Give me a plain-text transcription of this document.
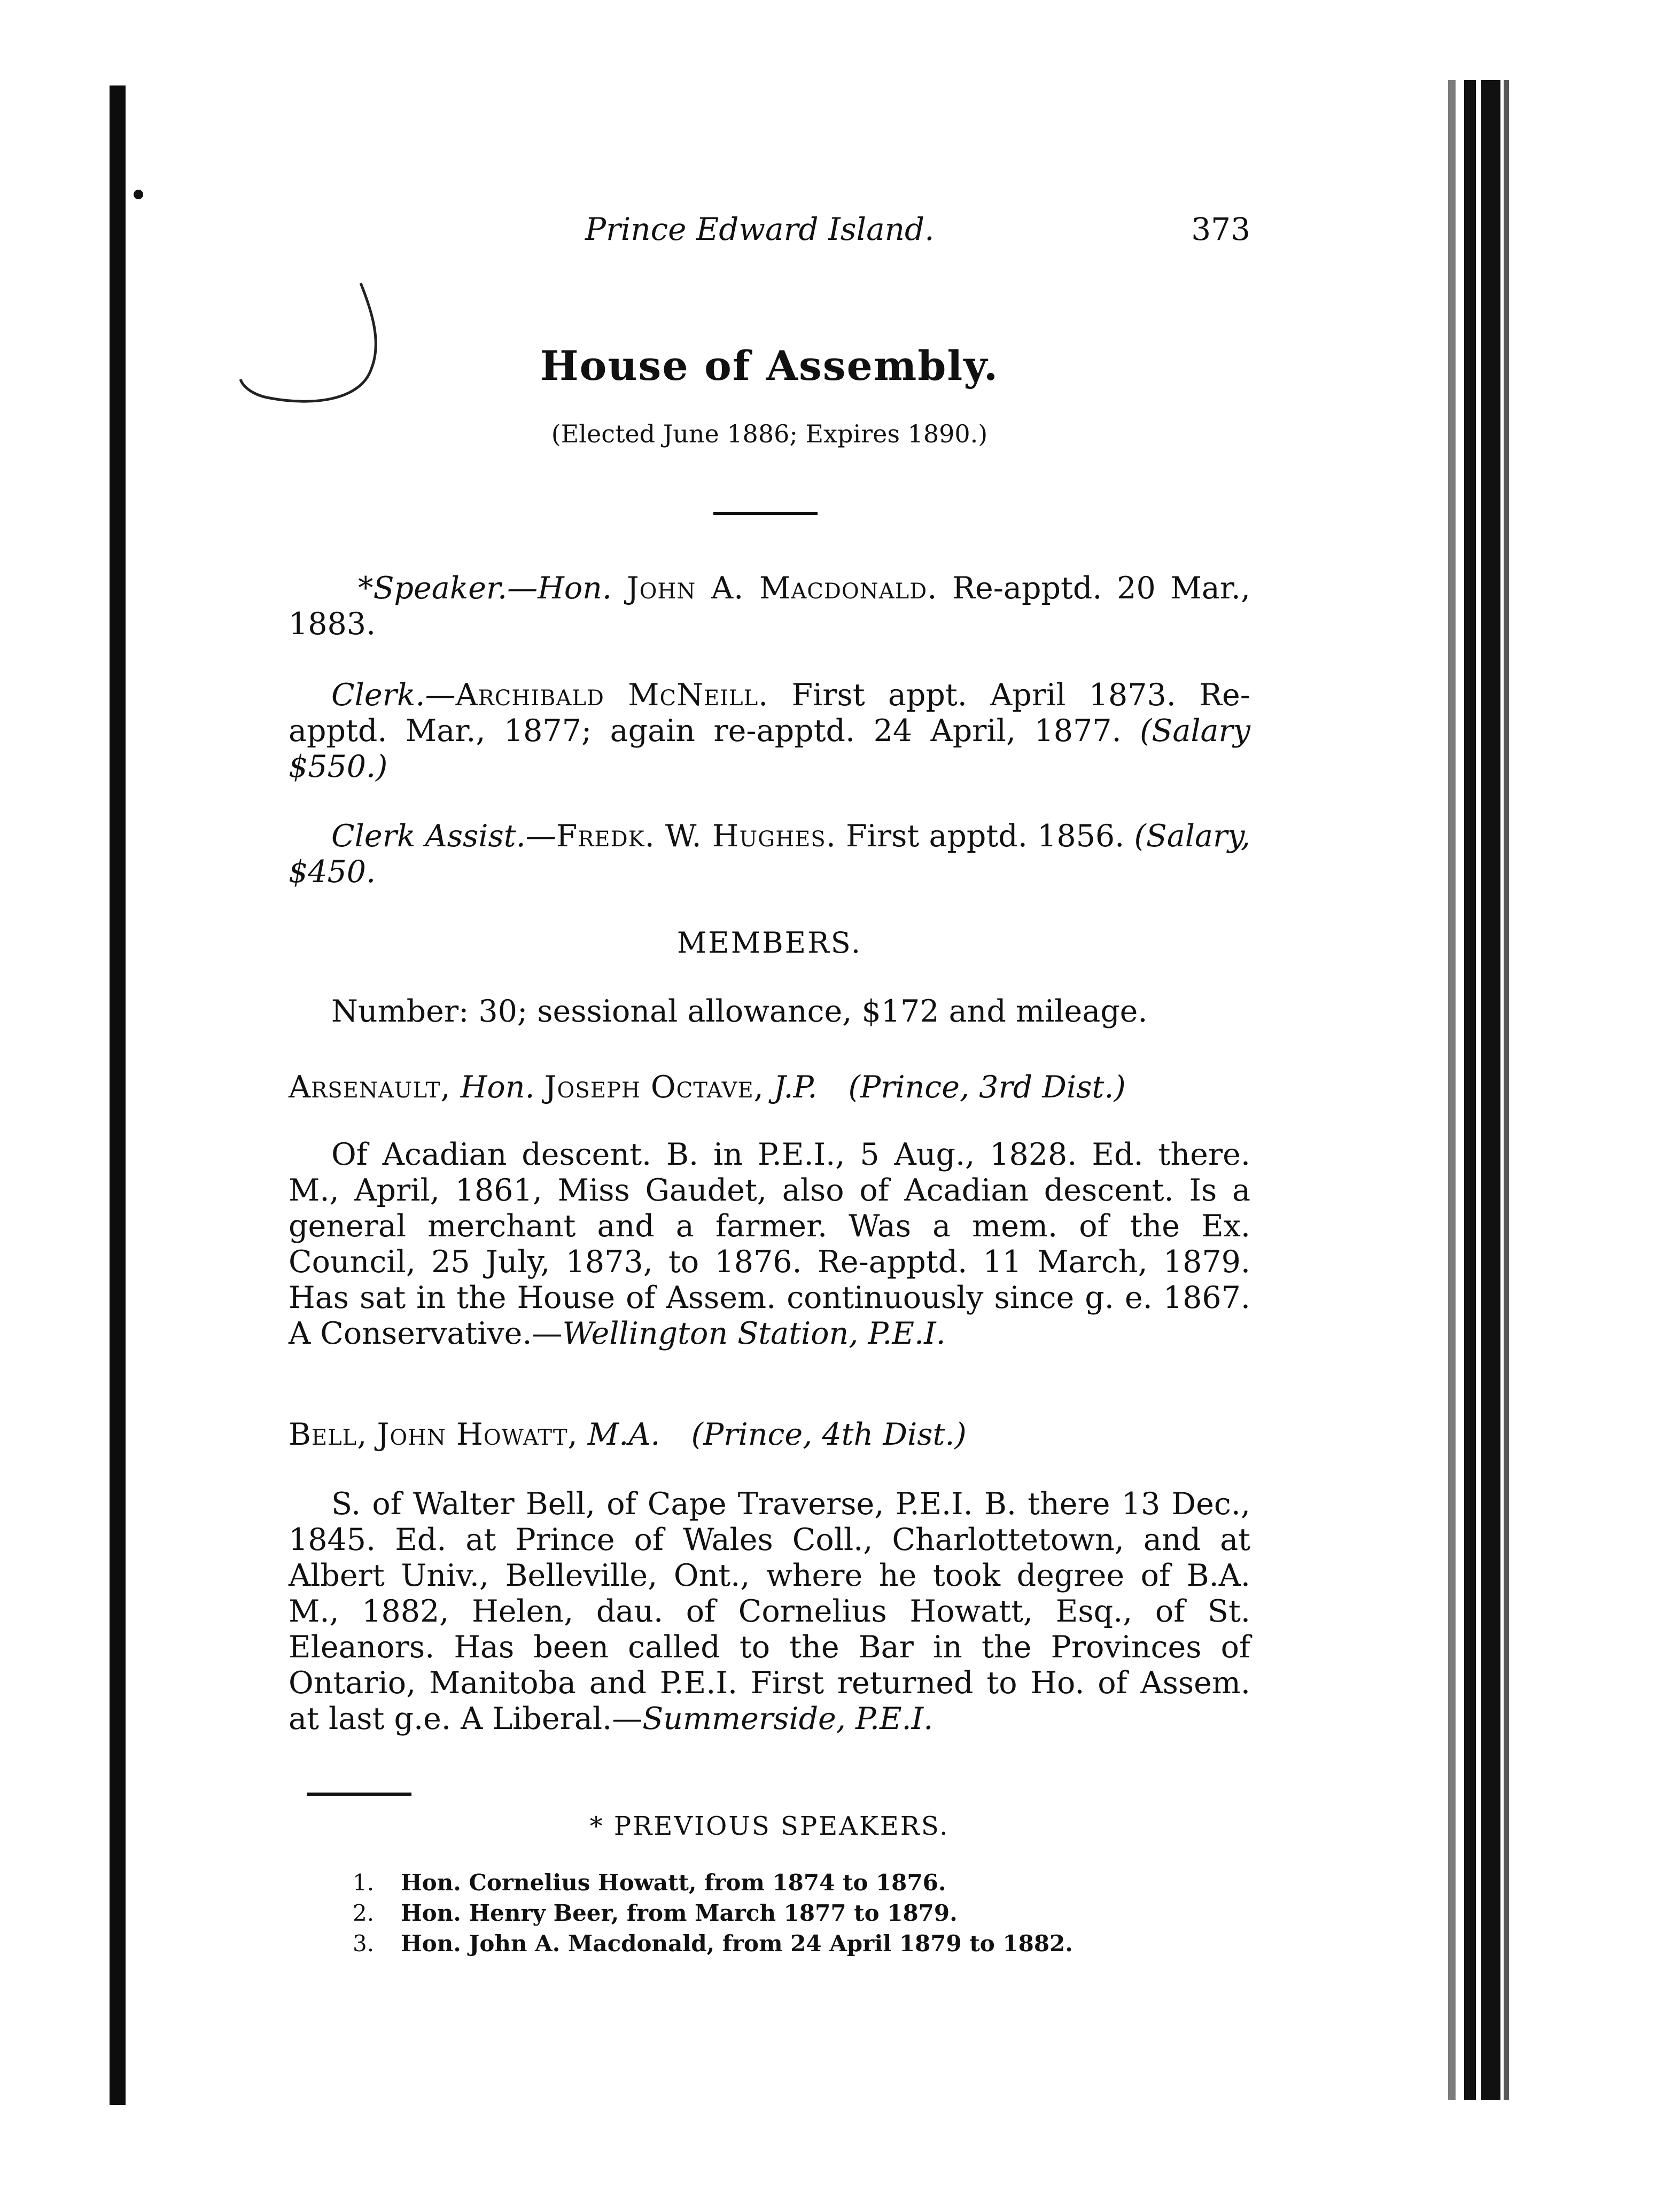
Prince Edward Island.	373
House of Assembly.
(Elected June 1886; Expires 1890.)
*Speaker.—Hon. John A. Macdonald. Re-apptd. 20 Mar., 1883.
Clerk.—Archibald McNeill. First appt. April 1873. Re-apptd. Mar., 1877; again re-apptd. 24 April, 1877. (Salary $550.)
Clerk Assist.—Fredk. W. Hughes. First apptd. 1856. (Salary, $450.
MEMBERS.
Number: 30; sessional allowance, $172 and mileage.
Arsenault, Hon. Joseph Octave, J.P. (Prince, 3rd Dist.)
Of Acadian descent. B. in P.E.I., 5 Aug., 1828. Ed. there. M., April, 1861, Miss Gaudet, also of Acadian descent. Is a general merchant and a farmer. Was a mem. of the Ex. Council, 25 July, 1873, to 1876. Re-apptd. 11 March, 1879. Has sat in the House of Assem. continuously since g. e. 1867. A Conservative.—Wellington Station, P.E.I.
Bell, John Howatt, M.A. (Prince, 4th Dist.)
S. of Walter Bell, of Cape Traverse, P.E.I. B. there 13 Dec., 1845. Ed. at Prince of Wales Coll., Charlottetown, and at Albert Univ., Belleville, Ont., where he took degree of B.A. M., 1882, Helen, dau. of Cornelius Howatt, Esq., of St. Eleanors. Has been called to the Bar in the Provinces of Ontario, Manitoba and P.E.I. First returned to Ho. of Assem. at last g.e. A Liberal.—Summerside, P.E.I.
* PREVIOUS SPEAKERS.
1. Hon. Cornelius Howatt, from 1874 to 1876.
2. Hon. Henry Beer, from March 1877 to 1879.
3. Hon. John A. Macdonald, from 24 April 1879 to 1882.
